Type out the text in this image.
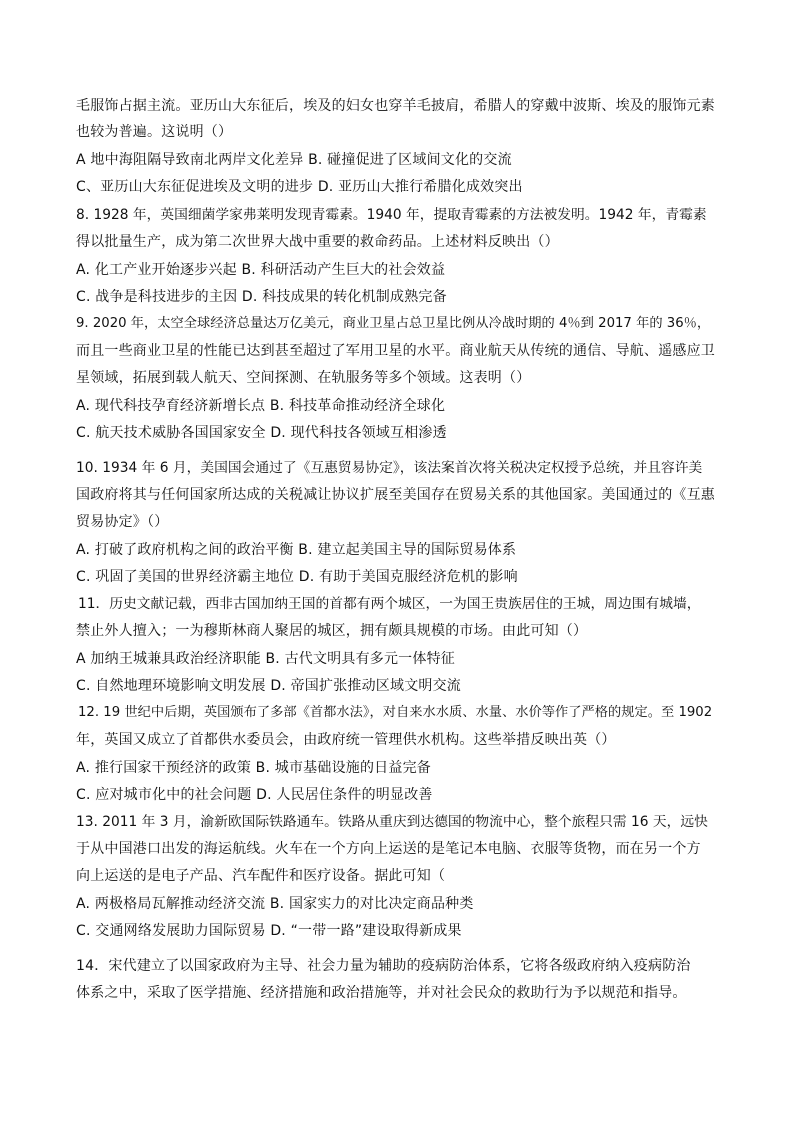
毛服饰占据主流。亚历山大东征后，埃及的妇女也穿羊毛披肩，希腊人的穿戴中波斯、埃及的服饰元素
也较为普遍。这说明（）
A 地中海阻隔导致南北两岸文化差异 B. 碰撞促进了区域间文化的交流
C、亚历山大东征促进埃及文明的进步 D. 亚历山大推行希腊化成效突出
8. 1928 年，英国细菌学家弗莱明发现青霉素。1940 年，提取青霉素的方法被发明。1942 年，青霉素
得以批量生产，成为第二次世界大战中重要的救命药品。上述材料反映出（）
A. 化工产业开始逐步兴起 B. 科研活动产生巨大的社会效益
C. 战争是科技进步的主因 D. 科技成果的转化机制成熟完备
9. 2020 年，太空全球经济总量达万亿美元，商业卫星占总卫星比例从冷战时期的 4％到 2017 年的 36％，
而且一些商业卫星的性能已达到甚至超过了军用卫星的水平。商业航天从传统的通信、导航、遥感应卫
星领域，拓展到载人航天、空间探测、在轨服务等多个领域。这表明（）
A. 现代科技孕育经济新增长点 B. 科技革命推动经济全球化
C. 航天技术威胁各国国家安全 D. 现代科技各领域互相渗透
10. 1934 年 6 月，美国国会通过了《互惠贸易协定》，该法案首次将关税决定权授予总统，并且容许美
国政府将其与任何国家所达成的关税减让协议扩展至美国存在贸易关系的其他国家。美国通过的《互惠
贸易协定》（）
A. 打破了政府机构之间的政治平衡 B. 建立起美国主导的国际贸易体系
C. 巩固了美国的世界经济霸主地位 D. 有助于美国克服经济危机的影响
11．历史文献记载，西非古国加纳王国的首都有两个城区，一为国王贵族居住的王城，周边围有城墙，
禁止外人擅入；一为穆斯林商人聚居的城区，拥有颇具规模的市场。由此可知（）
A 加纳王城兼具政治经济职能 B. 古代文明具有多元一体特征
C. 自然地理环境影响文明发展 D. 帝国扩张推动区域文明交流
12. 19 世纪中后期，英国颁布了多部《首都水法》，对自来水水质、水量、水价等作了严格的规定。至 1902
年，英国又成立了首都供水委员会，由政府统一管理供水机构。这些举措反映出英（）
A. 推行国家干预经济的政策 B. 城市基础设施的日益完备
C. 应对城市化中的社会问题 D. 人民居住条件的明显改善
13. 2011 年 3 月，渝新欧国际铁路通车。铁路从重庆到达德国的物流中心，整个旅程只需 16 天，远快
于从中国港口出发的海运航线。火车在一个方向上运送的是笔记本电脑、衣服等货物，而在另一个方
向上运送的是电子产品、汽车配件和医疗设备。据此可知（
A. 两极格局瓦解推动经济交流 B. 国家实力的对比决定商品种类
C. 交通网络发展助力国际贸易 D. “一带一路”建设取得新成果
14．宋代建立了以国家政府为主导、社会力量为辅助的疫病防治体系，它将各级政府纳入疫病防治
体系之中，采取了医学措施、经济措施和政治措施等，并对社会民众的救助行为予以规范和指导。
